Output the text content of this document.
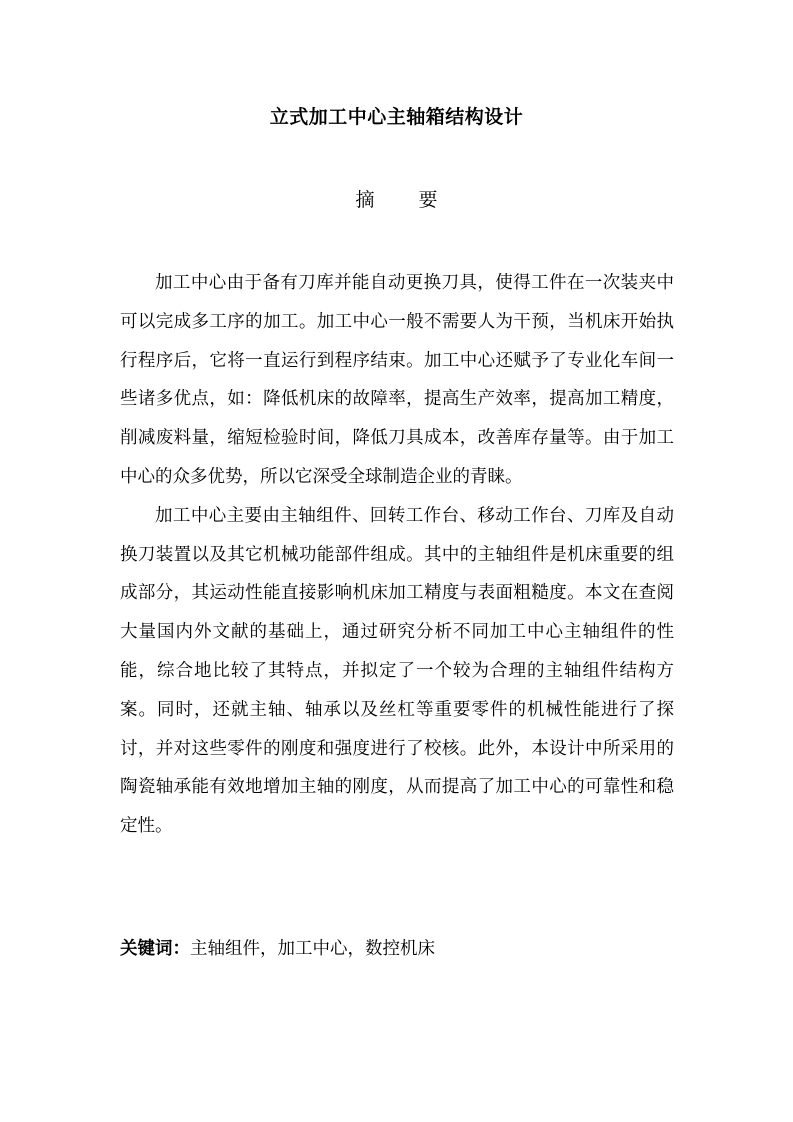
立式加工中心主轴箱结构设计
摘要

加工中心由于备有刀库并能自动更换刀具，使得工件在一次装夹中可以完成多工序的加工。加工中心一般不需要人为干预，当机床开始执行程序后，它将一直运行到程序结束。加工中心还赋予了专业化车间一些诸多优点，如：降低机床的故障率，提高生产效率，提高加工精度，削减废料量，缩短检验时间，降低刀具成本，改善库存量等。由于加工中心的众多优势，所以它深受全球制造企业的青睐。

加工中心主要由主轴组件、回转工作台、移动工作台、刀库及自动换刀装置以及其它机械功能部件组成。其中的主轴组件是机床重要的组成部分，其运动性能直接影响机床加工精度与表面粗糙度。本文在查阅大量国内外文献的基础上，通过研究分析不同加工中心主轴组件的性能，综合地比较了其特点，并拟定了一个较为合理的主轴组件结构方案。同时，还就主轴、轴承以及丝杠等重要零件的机械性能进行了探讨，并对这些零件的刚度和强度进行了校核。此外，本设计中所采用的陶瓷轴承能有效地增加主轴的刚度，从而提高了加工中心的可靠性和稳定性。

关键词：主轴组件，加工中心，数控机床
